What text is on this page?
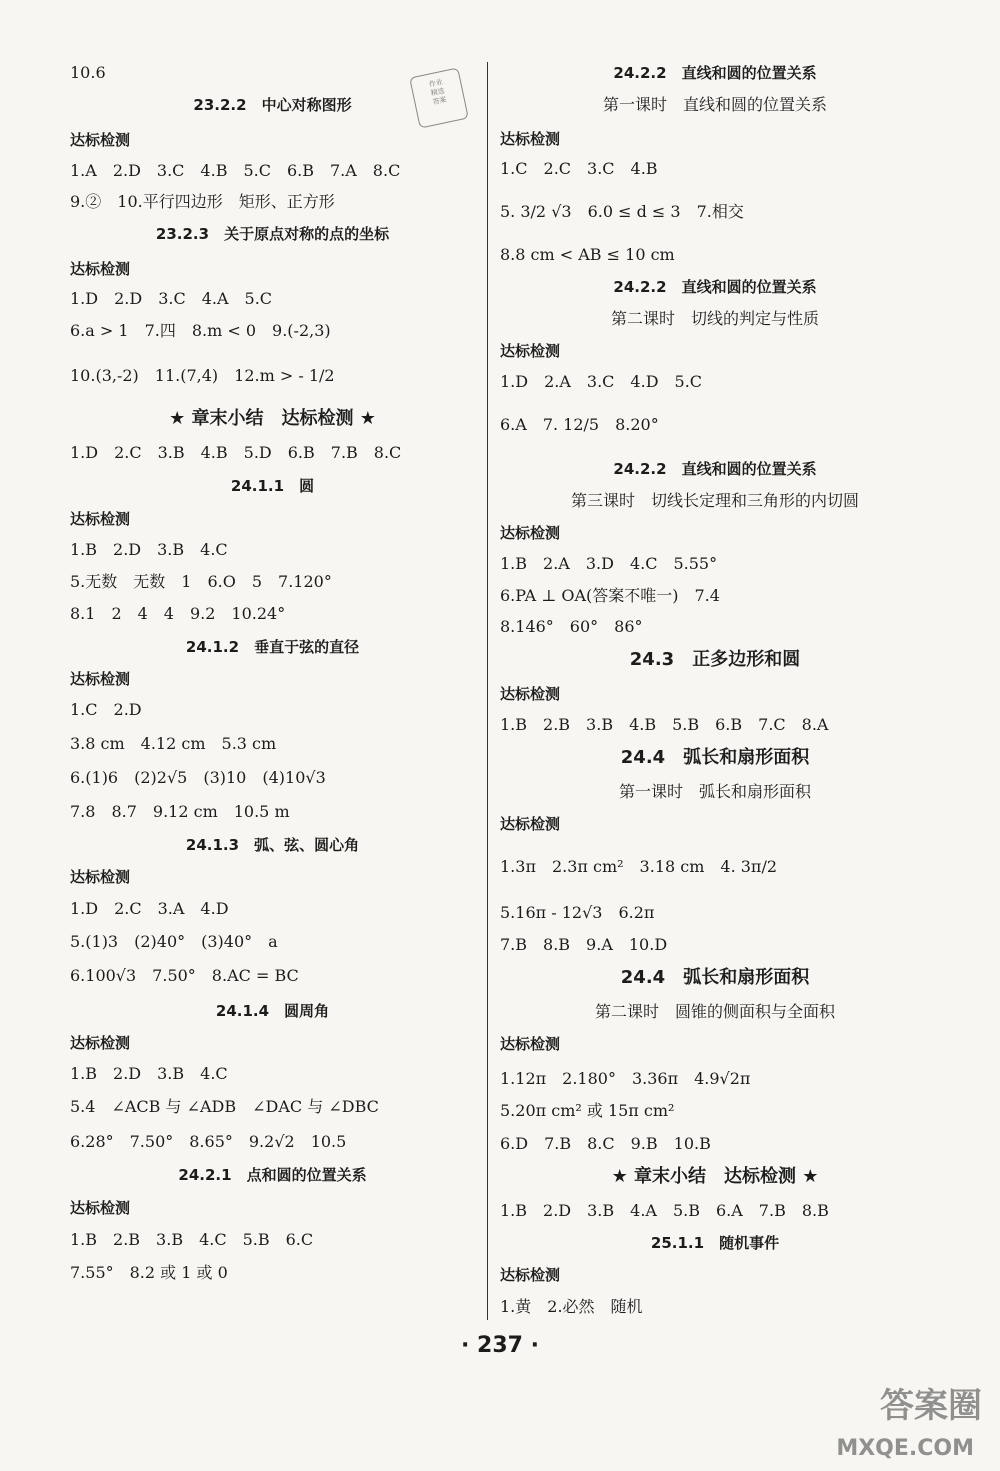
10.6
23.2.2　中心对称图形
达标检测
1.A　2.D　3.C　4.B　5.C　6.B　7.A　8.C
9.②　10.平行四边形　矩形、正方形
23.2.3　关于原点对称的点的坐标
达标检测
1.D　2.D　3.C　4.A　5.C
6.a > 1　7.四　8.m < 0　9.(-2,3)
10.(3,-2)　11.(7,4)　12.m > - 1/2
★ 章末小结　达标检测 ★
1.D　2.C　3.B　4.B　5.D　6.B　7.B　8.C
24.1.1　圆
达标检测
1.B　2.D　3.B　4.C
5.无数　无数　1　6.O　5　7.120°
8.1　2　4　4　9.2　10.24°
24.1.2　垂直于弦的直径
达标检测
1.C　2.D
3.8 cm　4.12 cm　5.3 cm
6.(1)6　(2)2√5　(3)10　(4)10√3
7.8　8.7　9.12 cm　10.5 m
24.1.3　弧、弦、圆心角
达标检测
1.D　2.C　3.A　4.D
5.(1)3　(2)40°　(3)40°　a
6.100√3　7.50°　8.AC = BC
24.1.4　圆周角
达标检测
1.B　2.D　3.B　4.C
5.4　∠ACB 与 ∠ADB　∠DAC 与 ∠DBC
6.28°　7.50°　8.65°　9.2√2　10.5
24.2.1　点和圆的位置关系
达标检测
1.B　2.B　3.B　4.C　5.B　6.C
7.55°　8.2 或 1 或 0
24.2.2　直线和圆的位置关系
第一课时　直线和圆的位置关系
达标检测
1.C　2.C　3.C　4.B
5. 3/2 √3　6.0 ≤ d ≤ 3　7.相交
8.8 cm < AB ≤ 10 cm
24.2.2　直线和圆的位置关系
第二课时　切线的判定与性质
达标检测
1.D　2.A　3.C　4.D　5.C
6.A　7. 12/5　8.20°
24.2.2　直线和圆的位置关系
第三课时　切线长定理和三角形的内切圆
达标检测
1.B　2.A　3.D　4.C　5.55°
6.PA ⊥ OA(答案不唯一)　7.4
8.146°　60°　86°
24.3　正多边形和圆
达标检测
1.B　2.B　3.B　4.B　5.B　6.B　7.C　8.A
24.4　弧长和扇形面积
第一课时　弧长和扇形面积
达标检测
1.3π　2.3π cm²　3.18 cm　4. 3π/2
5.16π - 12√3　6.2π
7.B　8.B　9.A　10.D
24.4　弧长和扇形面积
第二课时　圆锥的侧面积与全面积
达标检测
1.12π　2.180°　3.36π　4.9√2π
5.20π cm² 或 15π cm²
6.D　7.B　8.C　9.B　10.B
★ 章末小结　达标检测 ★
1.B　2.D　3.B　4.A　5.B　6.A　7.B　8.B
25.1.1　随机事件
达标检测
1.黄　2.必然　随机
作业
精选
答案
· 237 ·
答案圈
MXQE.COM
